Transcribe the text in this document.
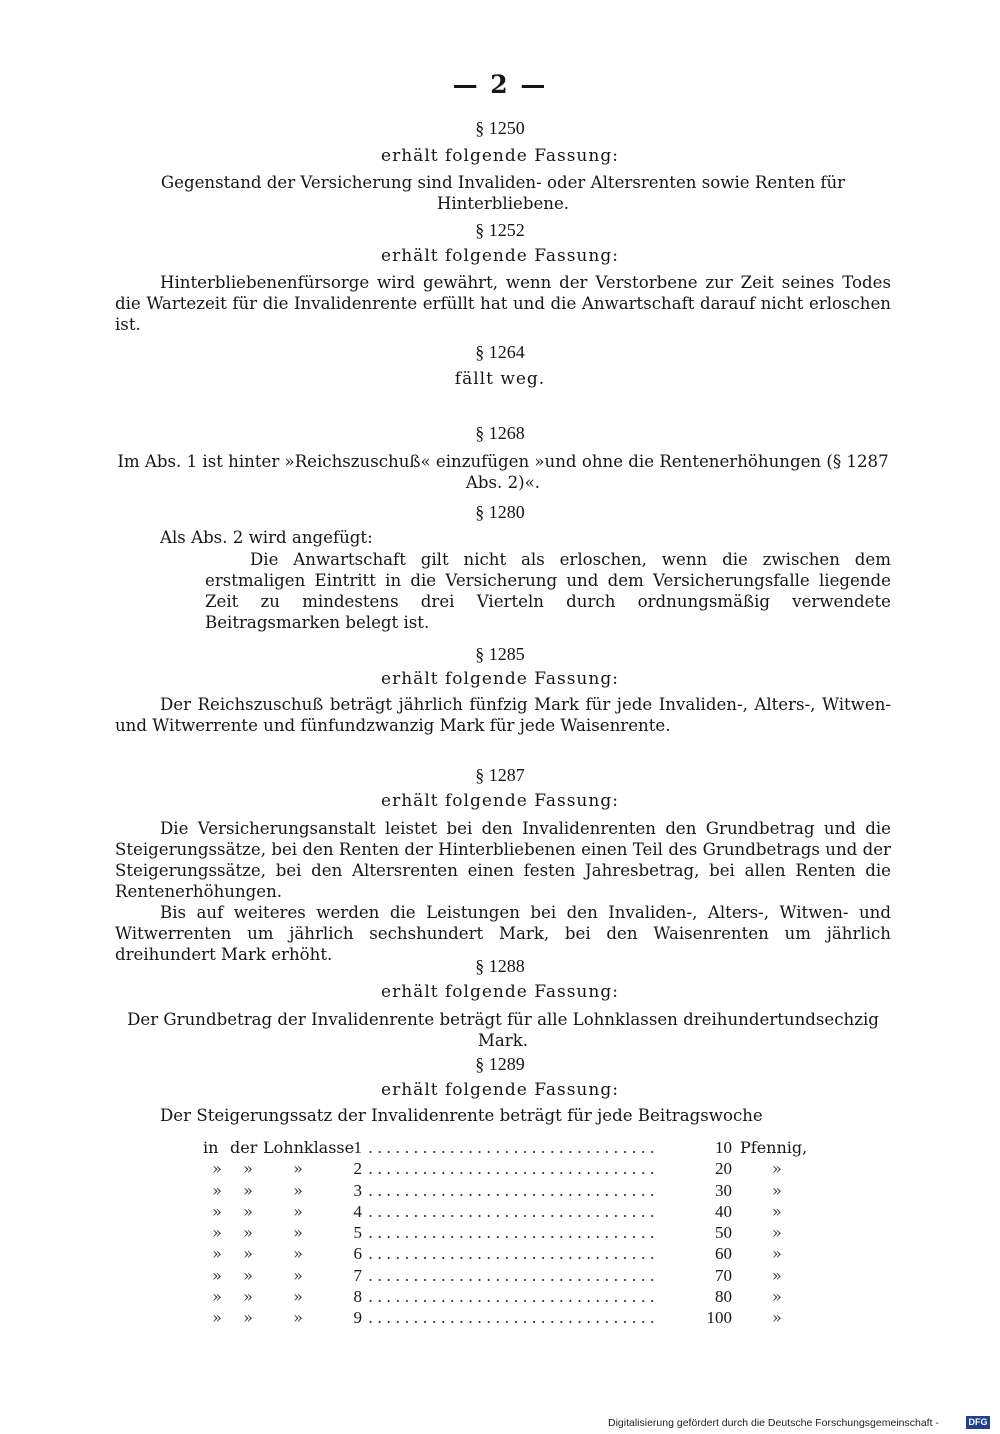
— 2 —
§ 1250
erhält folgende Fassung:

Gegenstand der Versicherung sind Invaliden- oder Altersrenten sowie Renten für Hinterbliebene.

§ 1252
erhält folgende Fassung:

Hinterbliebenenfürsorge wird gewährt, wenn der Verstorbene zur Zeit seines Todes die Wartezeit für die Invalidenrente erfüllt hat und die Anwartschaft darauf nicht erloschen ist.

§ 1264
fällt weg.
§ 1268

Im Abs. 1 ist hinter »Reichszuschuß« einzufügen »und ohne die Rentenerhöhungen (§ 1287 Abs. 2)«.

§ 1280

Als Abs. 2 wird angefügt:

Die Anwartschaft gilt nicht als erloschen, wenn die zwischen dem erstmaligen Eintritt in die Versicherung und dem Versicherungsfalle liegende Zeit zu mindestens drei Vierteln durch ordnungsmäßig verwendete Beitragsmarken belegt ist.

§ 1285
erhält folgende Fassung:

Der Reichszuschuß beträgt jährlich fünfzig Mark für jede Invaliden-, Alters-, Witwen- und Witwerrente und fünfundzwanzig Mark für jede Waisenrente.

§ 1287
erhält folgende Fassung:

Die Versicherungsanstalt leistet bei den Invalidenrenten den Grundbetrag und die Steigerungssätze, bei den Renten der Hinterbliebenen einen Teil des Grundbetrags und der Steigerungssätze, bei den Altersrenten einen festen Jahresbetrag, bei allen Renten die Rentenerhöhungen.

Bis auf weiteres werden die Leistungen bei den Invaliden-, Alters-, Witwen- und Witwerrenten um jährlich sechshundert Mark, bei den Waisenrenten um jährlich dreihundert Mark erhöht.

§ 1288
erhält folgende Fassung:

Der Grundbetrag der Invalidenrente beträgt für alle Lohnklassen dreihundertundsechzig Mark.

§ 1289
erhält folgende Fassung:
Der Steigerungssatz der Invalidenrente beträgt für jede Beitragswoche
in der Lohnklasse 1 ................................	10 Pfennig,
»	»	»	2 ................................	20	»
»	»	»	3 ................................	30	»
»	»	»	4 ................................	40	»
»	»	»	5 ................................	50	»
»	»	»	6 ................................	60	»
»	»	»	7 ................................	70	»
»	»	»	8 ................................	80	»
»	»	»	9 ................................	100	»
Digitalisierung gefördert durch die Deutsche Forschungsgemeinschaft -	DFG
